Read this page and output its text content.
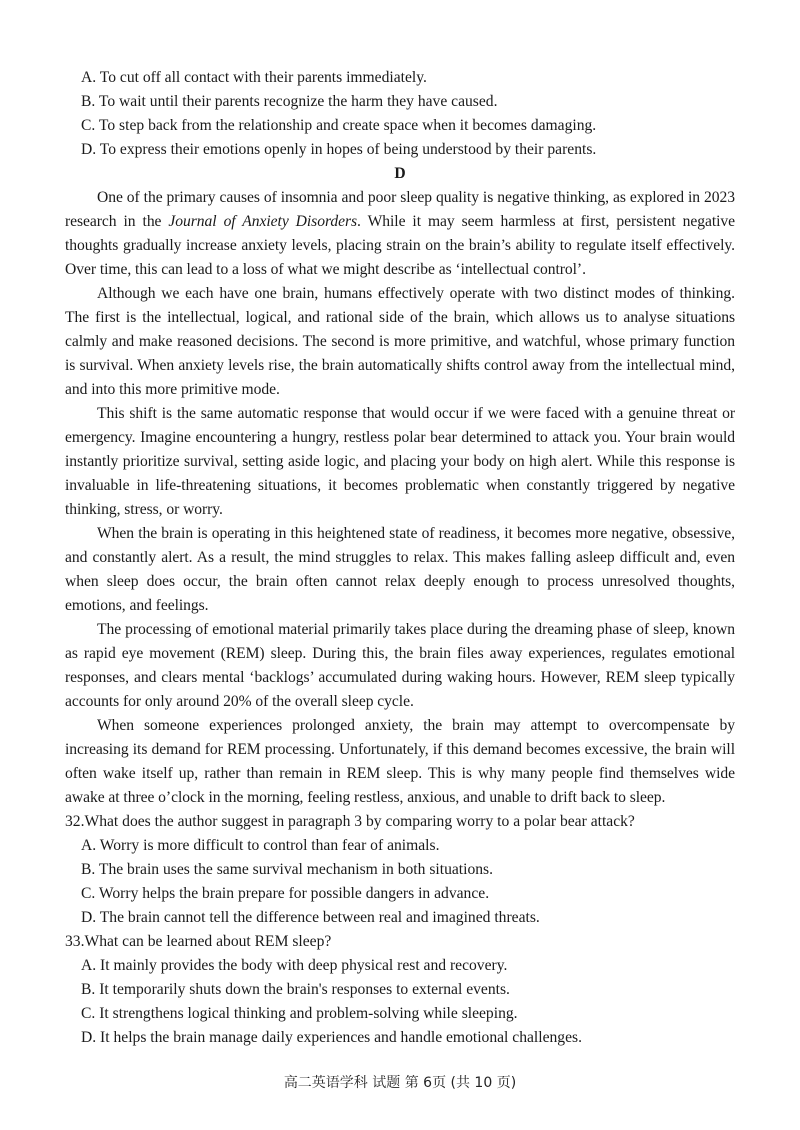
A. To cut off all contact with their parents immediately.
B. To wait until their parents recognize the harm they have caused.
C. To step back from the relationship and create space when it becomes damaging.
D. To express their emotions openly in hopes of being understood by their parents.
D

One of the primary causes of insomnia and poor sleep quality is negative thinking, as explored in 2023 research in the Journal of Anxiety Disorders. While it may seem harmless at first, persistent negative thoughts gradually increase anxiety levels, placing strain on the brain’s ability to regulate itself effectively. Over time, this can lead to a loss of what we might describe as ‘intellectual control’.

Although we each have one brain, humans effectively operate with two distinct modes of thinking. The first is the intellectual, logical, and rational side of the brain, which allows us to analyse situations calmly and make reasoned decisions. The second is more primitive, and watchful, whose primary function is survival. When anxiety levels rise, the brain automatically shifts control away from the intellectual mind, and into this more primitive mode.

This shift is the same automatic response that would occur if we were faced with a genuine threat or emergency. Imagine encountering a hungry, restless polar bear determined to attack you. Your brain would instantly prioritize survival, setting aside logic, and placing your body on high alert. While this response is invaluable in life-threatening situations, it becomes problematic when constantly triggered by negative thinking, stress, or worry.

When the brain is operating in this heightened state of readiness, it becomes more negative, obsessive, and constantly alert. As a result, the mind struggles to relax. This makes falling asleep difficult and, even when sleep does occur, the brain often cannot relax deeply enough to process unresolved thoughts, emotions, and feelings.

The processing of emotional material primarily takes place during the dreaming phase of sleep, known as rapid eye movement (REM) sleep. During this, the brain files away experiences, regulates emotional responses, and clears mental ‘backlogs’ accumulated during waking hours. However, REM sleep typically accounts for only around 20% of the overall sleep cycle.

When someone experiences prolonged anxiety, the brain may attempt to overcompensate by increasing its demand for REM processing. Unfortunately, if this demand becomes excessive, the brain will often wake itself up, rather than remain in REM sleep. This is why many people find themselves wide awake at three o’clock in the morning, feeling restless, anxious, and unable to drift back to sleep.

32.What does the author suggest in paragraph 3 by comparing worry to a polar bear attack?
A. Worry is more difficult to control than fear of animals.
B. The brain uses the same survival mechanism in both situations.
C. Worry helps the brain prepare for possible dangers in advance.
D. The brain cannot tell the difference between real and imagined threats.
33.What can be learned about REM sleep?
A. It mainly provides the body with deep physical rest and recovery.
B. It temporarily shuts down the brain's responses to external events.
C. It strengthens logical thinking and problem-solving while sleeping.
D. It helps the brain manage daily experiences and handle emotional challenges.
高二英语学科 试题 第 6页 (共 10 页)
